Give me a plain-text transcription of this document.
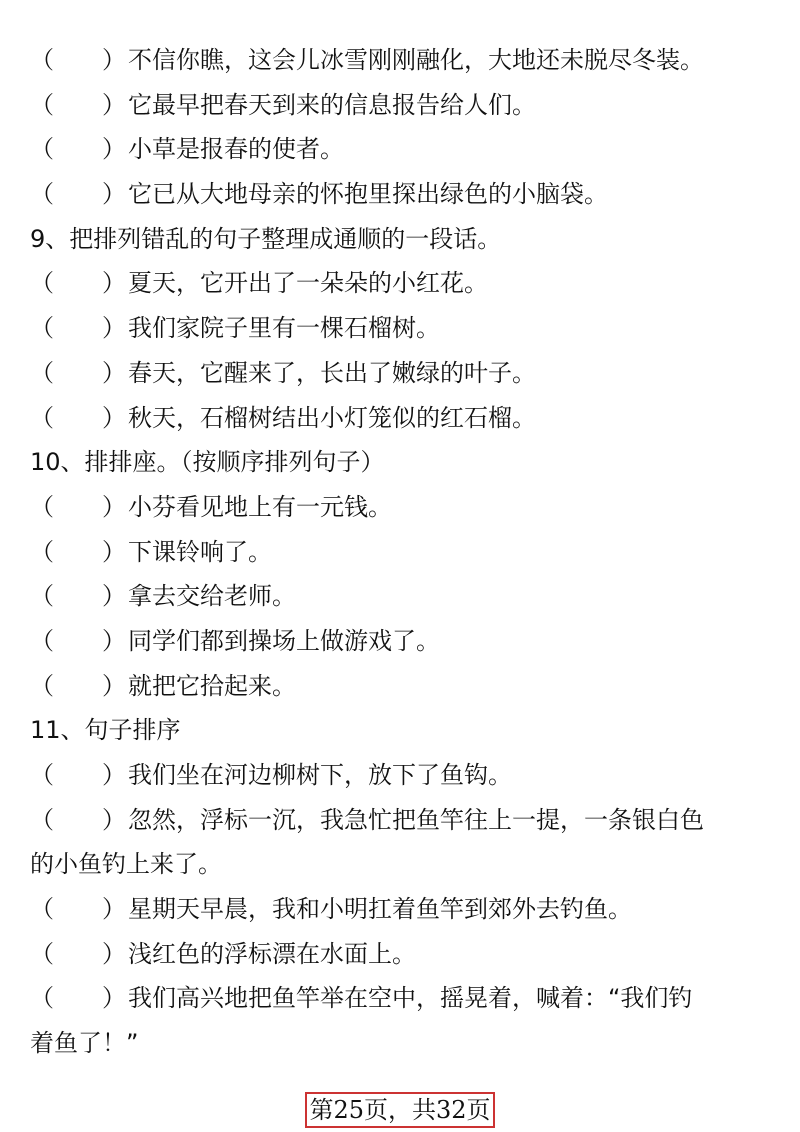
（　　） 不信你瞧，这会儿冰雪刚刚融化，大地还未脱尽冬装。
（　　） 它最早把春天到来的信息报告给人们。
（　　） 小草是报春的使者。
（　　） 它已从大地母亲的怀抱里探出绿色的小脑袋。
9、把排列错乱的句子整理成通顺的一段话。
（　　） 夏天，它开出了一朵朵的小红花。
（　　） 我们家院子里有一棵石榴树。
（　　） 春天，它醒来了，长出了嫩绿的叶子。
（　　） 秋天，石榴树结出小灯笼似的红石榴。
10、排排座。（按顺序排列句子）
（　　） 小芬看见地上有一元钱。
（　　） 下课铃响了。
（　　） 拿去交给老师。
（　　） 同学们都到操场上做游戏了。
（　　） 就把它拾起来。
11、句子排序
（　　） 我们坐在河边柳树下，放下了鱼钩。
（　　） 忽然，浮标一沉，我急忙把鱼竿往上一提，一条银白色
的小鱼钓上来了。
（　　） 星期天早晨，我和小明扛着鱼竿到郊外去钓鱼。
（　　） 浅红色的浮标漂在水面上。
（　　） 我们高兴地把鱼竿举在空中，摇晃着，喊着：“我们钓
着鱼了！”
第25页，共32页
